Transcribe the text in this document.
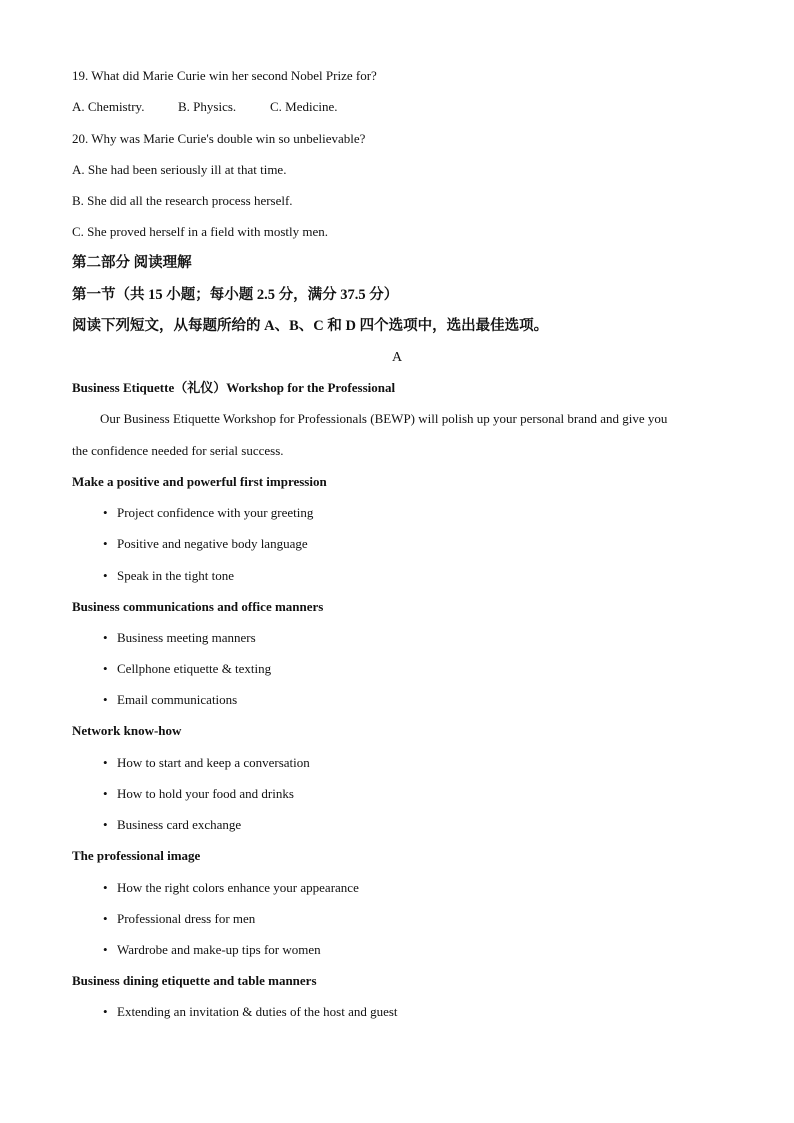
19. What did Marie Curie win her second Nobel Prize for?
A. Chemistry.	B. Physics.	C. Medicine.
20. Why was Marie Curie's double win so unbelievable?
A. She had been seriously ill at that time.
B. She did all the research process herself.
C. She proved herself in a field with mostly men.
第二部分 阅读理解
第一节（共 15 小题；每小题 2.5 分，满分 37.5 分）
阅读下列短文，从每题所给的 A、B、C 和 D 四个选项中，选出最佳选项。
A
Business Etiquette（礼仪）Workshop for the Professional
Our Business Etiquette Workshop for Professionals (BEWP) will polish up your personal brand and give you
the confidence needed for serial success.
Make a positive and powerful first impression
• Project confidence with your greeting
• Positive and negative body language
• Speak in the tight tone
Business communications and office manners
• Business meeting manners
• Cellphone etiquette & texting
• Email communications
Network know-how
• How to start and keep a conversation
• How to hold your food and drinks
• Business card exchange
The professional image
• How the right colors enhance your appearance
• Professional dress for men
• Wardrobe and make-up tips for women
Business dining etiquette and table manners
• Extending an invitation & duties of the host and guest
